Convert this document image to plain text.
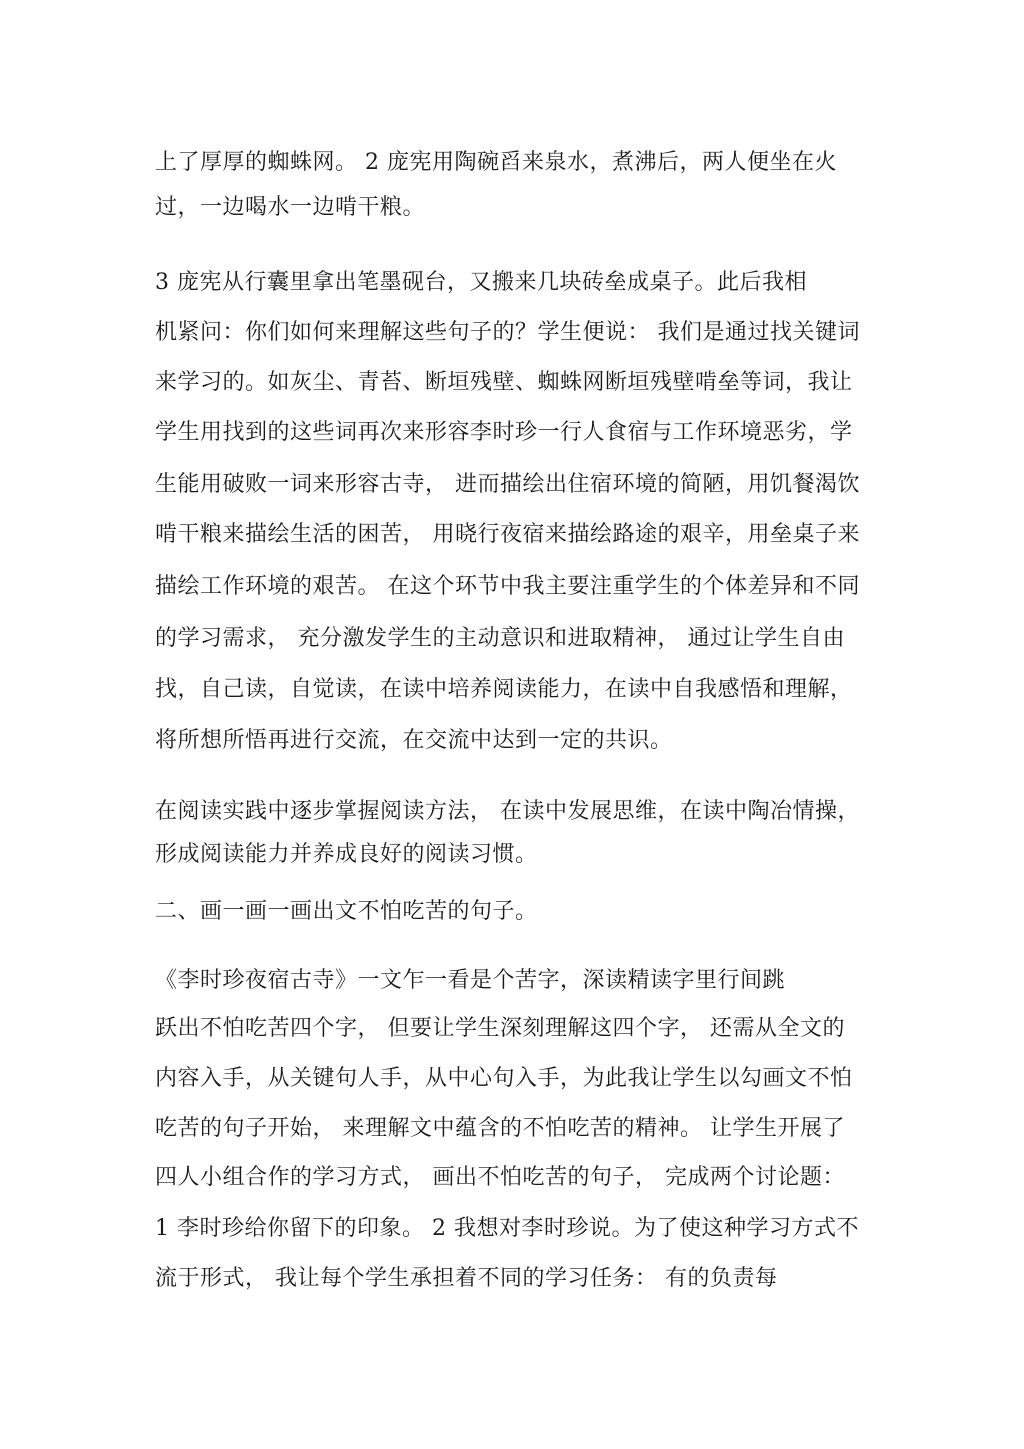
上了厚厚的蜘蛛网。 2 庞宪用陶碗舀来泉水，煮沸后，两人便坐在火
过，一边喝水一边啃干粮。
3 庞宪从行囊里拿出笔墨砚台，又搬来几块砖垒成桌子。此后我相
机紧问：你们如何来理解这些句子的？学生便说： 我们是通过找关键词
来学习的。如灰尘、青苔、断垣残壁、蜘蛛网断垣残壁啃垒等词，我让
学生用找到的这些词再次来形容李时珍一行人食宿与工作环境恶劣，学
生能用破败一词来形容古寺， 进而描绘出住宿环境的简陋，用饥餐渴饮
啃干粮来描绘生活的困苦， 用晓行夜宿来描绘路途的艰辛，用垒桌子来
描绘工作环境的艰苦。 在这个环节中我主要注重学生的个体差异和不同
的学习需求， 充分激发学生的主动意识和进取精神， 通过让学生自由
找，自己读，自觉读，在读中培养阅读能力，在读中自我感悟和理解，
将所想所悟再进行交流，在交流中达到一定的共识。
在阅读实践中逐步掌握阅读方法， 在读中发展思维，在读中陶冶情操，
形成阅读能力并养成良好的阅读习惯。
二、画一画一画出文不怕吃苦的句子。
《李时珍夜宿古寺》一文乍一看是个苦字，深读精读字里行间跳
跃出不怕吃苦四个字， 但要让学生深刻理解这四个字， 还需从全文的
内容入手，从关键句人手，从中心句入手，为此我让学生以勾画文不怕
吃苦的句子开始， 来理解文中蕴含的不怕吃苦的精神。 让学生开展了
四人小组合作的学习方式， 画出不怕吃苦的句子， 完成两个讨论题：
1 李时珍给你留下的印象。 2 我想对李时珍说。为了使这种学习方式不
流于形式， 我让每个学生承担着不同的学习任务： 有的负责每
